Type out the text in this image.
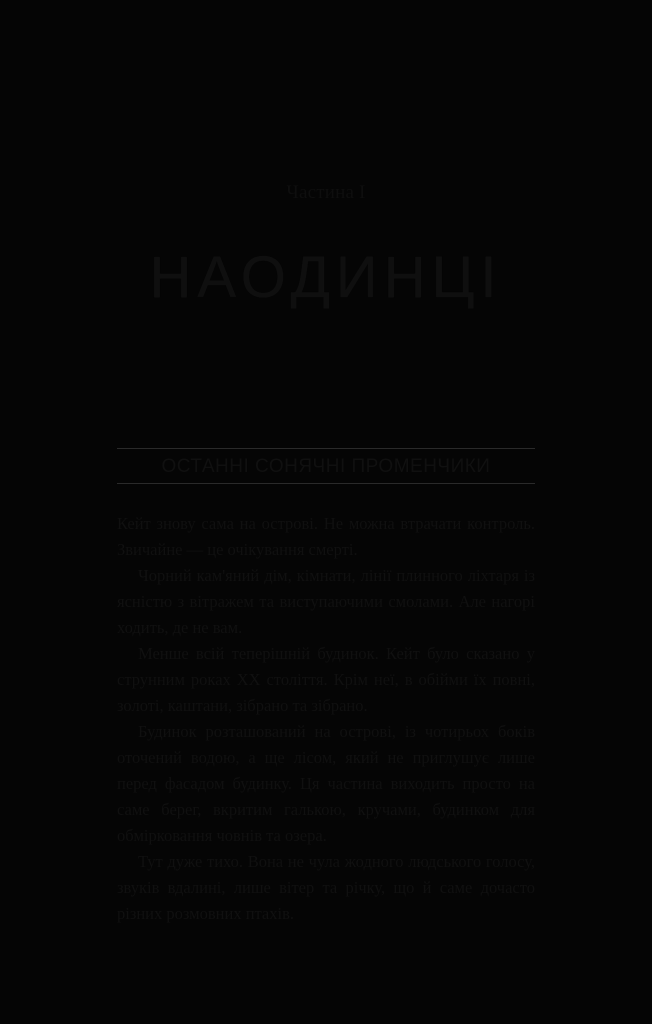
Частина І
НАОДИНЦІ
ОСТАННІ СОНЯЧНІ ПРОМЕНЧИКИ

Кейт знову сама на острові. Не можна втрачати контроль. Звичайне — це очікування смерті.

Чорний кам'яний дім, кімнати, лінії плинного ліхтаря із ясністю з вітражем та виступаючими смолами. Але нагорі ходить, де не вам.

Менше всій теперішній будинок. Кейт було сказано у струнним роках XX століття. Крім неї, в обійми їх повні, золоті, каштани, зібрано та зібрано.

Будинок розташований на острові, із чотирьох боків оточений водою, а ще лісом, який не приглушує лише перед фасадом будинку. Ця частина виходить просто на саме берег, вкритим галькою, кручами, будинком для обмірковання човнів та озера.

Тут дуже тихо. Вона не чула жодного людського голосу, звуків вдалині, лише вітер та річку, що й саме дочасто різних розмовних птахів.
